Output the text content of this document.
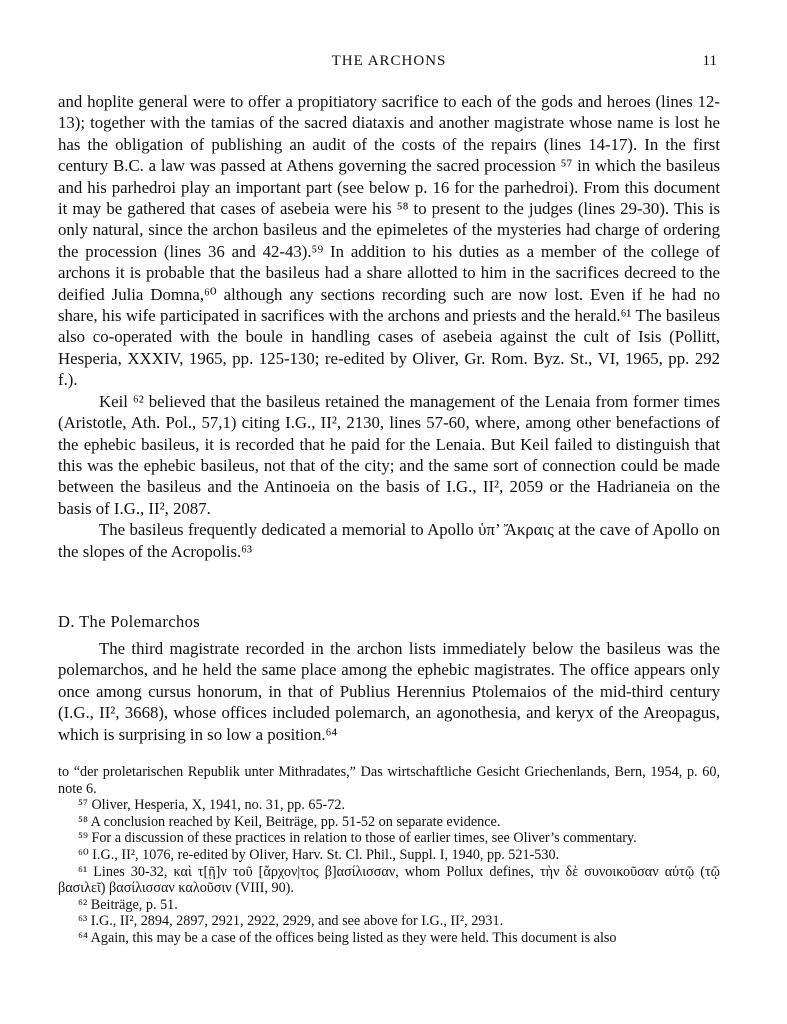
THE ARCHONS	11

and hoplite general were to offer a propitiatory sacrifice to each of the gods and heroes (lines 12-13); together with the tamias of the sacred diataxis and another magistrate whose name is lost he has the obligation of publishing an audit of the costs of the repairs (lines 14-17). In the first century B.C. a law was passed at Athens governing the sacred procession ⁵⁷ in which the basileus and his parhedroi play an important part (see below p. 16 for the parhedroi). From this document it may be gathered that cases of asebeia were his ⁵⁸ to present to the judges (lines 29-30). This is only natural, since the archon basileus and the epimeletes of the mysteries had charge of ordering the procession (lines 36 and 42-43).⁵⁹ In addition to his duties as a member of the college of archons it is probable that the basileus had a share allotted to him in the sacrifices decreed to the deified Julia Domna,⁶⁰ although any sections recording such are now lost. Even if he had no share, his wife participated in sacrifices with the archons and priests and the herald.⁶¹ The basileus also co-operated with the boule in handling cases of asebeia against the cult of Isis (Pollitt, Hesperia, XXXIV, 1965, pp. 125-130; re-edited by Oliver, Gr. Rom. Byz. St., VI, 1965, pp. 292 f.).

Keil ⁶² believed that the basileus retained the management of the Lenaia from former times (Aristotle, Ath. Pol., 57,1) citing I.G., II², 2130, lines 57-60, where, among other benefactions of the ephebic basileus, it is recorded that he paid for the Lenaia. But Keil failed to distinguish that this was the ephebic basileus, not that of the city; and the same sort of connection could be made between the basileus and the Antinoeia on the basis of I.G., II², 2059 or the Hadrianeia on the basis of I.G., II², 2087.

The basileus frequently dedicated a memorial to Apollo ὑπ’ Ἄκραις at the cave of Apollo on the slopes of the Acropolis.⁶³

D. The Polemarchos

The third magistrate recorded in the archon lists immediately below the basileus was the polemarchos, and he held the same place among the ephebic magistrates. The office appears only once among cursus honorum, in that of Publius Herennius Ptolemaios of the mid-third century (I.G., II², 3668), whose offices included polemarch, an agonothesia, and keryx of the Areopagus, which is surprising in so low a position.⁶⁴

to “der proletarischen Republik unter Mithradates,” Das wirtschaftliche Gesicht Griechenlands, Bern, 1954, p. 60, note 6.

⁵⁷ Oliver, Hesperia, X, 1941, no. 31, pp. 65-72.

⁵⁸ A conclusion reached by Keil, Beiträge, pp. 51-52 on separate evidence.

⁵⁹ For a discussion of these practices in relation to those of earlier times, see Oliver’s commentary.

⁶⁰ I.G., II², 1076, re-edited by Oliver, Harv. St. Cl. Phil., Suppl. I, 1940, pp. 521-530.

⁶¹ Lines 30-32, καὶ τ[ῇ]ν τοῦ [ἄρχον|τος β]ασίλισσαν, whom Pollux defines, τὴν δὲ συνοικοῦσαν αὐτῷ (τῷ βασιλεῖ) βασίλισσαν καλοῦσιν (VIII, 90).

⁶² Beiträge, p. 51.

⁶³ I.G., II², 2894, 2897, 2921, 2922, 2929, and see above for I.G., II², 2931.

⁶⁴ Again, this may be a case of the offices being listed as they were held. This document is also
